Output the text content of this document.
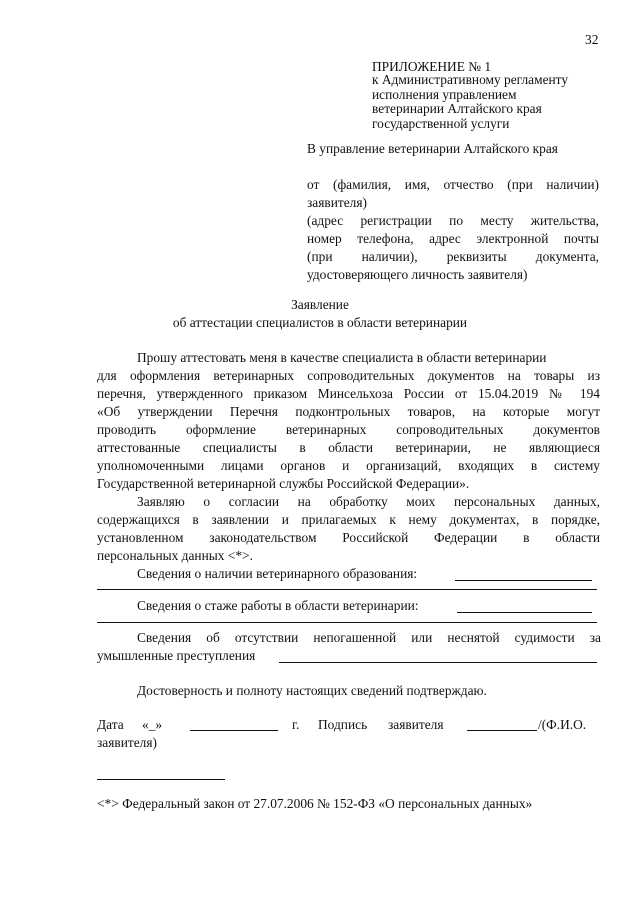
32
ПРИЛОЖЕНИЕ № 1
к Административному регламенту
исполнения управлением
ветеринарии Алтайского края
государственной услуги
В управление ветеринарии Алтайского края
от (фамилия, имя, отчество (при наличии)
заявителя)
(адрес регистрации по месту жительства,
номер телефона, адрес электронной почты
(при наличии), реквизиты документа,
удостоверяющего личность заявителя)
Заявление
об аттестации специалистов в области ветеринарии
Прошу аттестовать меня в качестве специалиста в области ветеринарии
для оформления ветеринарных сопроводительных документов на товары из
перечня, утвержденного приказом Минсельхоза России от 15.04.2019 № 194
«Об утверждении Перечня подконтрольных товаров, на которые могут
проводить оформление ветеринарных сопроводительных документов
аттестованные специалисты в области ветеринарии, не являющиеся
уполномоченными лицами органов и организаций, входящих в систему
Государственной ветеринарной службы Российской Федерации».
Заявляю о согласии на обработку моих персональных данных,
содержащихся в заявлении и прилагаемых к нему документах, в порядке,
установленном законодательством Российской Федерации в области
персональных данных <*>.
Сведения о наличии ветеринарного образования:
Сведения о стаже работы в области ветеринарии:
Сведения об отсутствии непогашенной или неснятой судимости за
умышленные преступления
Достоверность и полноту настоящих сведений подтверждаю.
Дата «_»	г. Подпись заявителя	/(Ф.И.О.
заявителя)
<*> Федеральный закон от 27.07.2006 № 152-ФЗ «О персональных данных»
